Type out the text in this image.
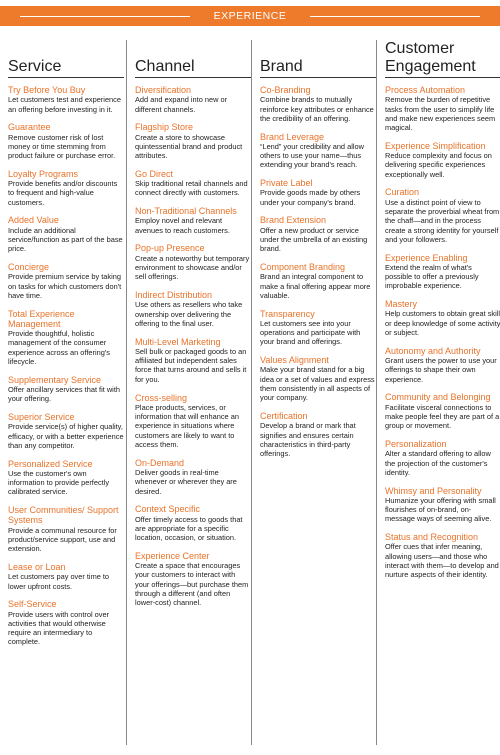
EXPERIENCE
Service
Try Before You Buy
Let customers test and experience an offering before investing in it.
Guarantee
Remove customer risk of lost money or time stemming from product failure or purchase error.
Loyalty Programs
Provide benefits and/or discounts to frequent and high-value customers.
Added Value
Include an additional service/function as part of the base price.
Concierge
Provide premium service by taking on tasks for which customers don't have time.
Total Experience Management
Provide thoughtful, holistic management of the consumer experience across an offering's lifecycle.
Supplementary Service
Offer ancillary services that fit with your offering.
Superior Service
Provide service(s) of higher quality, efficacy, or with a better experience than any competitor.
Personalized Service
Use the customer's own information to provide perfectly calibrated service.
User Communities/ Support Systems
Provide a communal resource for product/service support, use and extension.
Lease or Loan
Let customers pay over time to lower upfront costs.
Self-Service
Provide users with control over activities that would otherwise require an intermediary to complete.
Channel
Diversification
Add and expand into new or different channels.
Flagship Store
Create a store to showcase quintessential brand and product attributes.
Go Direct
Skip traditional retail channels and connect directly with customers.
Non-Traditional Channels
Employ novel and relevant avenues to reach customers.
Pop-up Presence
Create a noteworthy but temporary environment to showcase and/or sell offerings.
Indirect Distribution
Use others as resellers who take ownership over delivering the offering to the final user.
Multi-Level Marketing
Sell bulk or packaged goods to an affiliated but independent sales force that turns around and sells it for you.
Cross-selling
Place products, services, or information that will enhance an experience in situations where customers are likely to want to access them.
On-Demand
Deliver goods in real-time whenever or wherever they are desired.
Context Specific
Offer timely access to goods that are appropriate for a specific location, occasion, or situation.
Experience Center
Create a space that encourages your customers to interact with your offerings—but purchase them through a different (and often lower-cost) channel.
Brand
Co-Branding
Combine brands to mutually reinforce key attributes or enhance the credibility of an offering.
Brand Leverage
“Lend” your credibility and allow others to use your name—thus extending your brand's reach.
Private Label
Provide goods made by others under your company's brand.
Brand Extension
Offer a new product or service under the umbrella of an existing brand.
Component Branding
Brand an integral component to make a final offering appear more valuable.
Transparency
Let customers see into your operations and participate with your brand and offerings.
Values Alignment
Make your brand stand for a big idea or a set of values and express them consistently in all aspects of your company.
Certification
Develop a brand or mark that signifies and ensures certain characteristics in third-party offerings.
Customer Engagement
Process Automation
Remove the burden of repetitive tasks from the user to simplify life and make new experiences seem magical.
Experience Simplification
Reduce complexity and focus on delivering specific experiences exceptionally well.
Curation
Use a distinct point of view to separate the proverbial wheat from the chaff—and in the process create a strong identity for yourself and your followers.
Experience Enabling
Extend the realm of what's possible to offer a previously improbable experience.
Mastery
Help customers to obtain great skill or deep knowledge of some activity or subject.
Autonomy and Authority
Grant users the power to use your offerings to shape their own experience.
Community and Belonging
Facilitate visceral connections to make people feel they are part of a group or movement.
Personalization
Alter a standard offering to allow the projection of the customer's identity.
Whimsy and Personality
Humanize your offering with small flourishes of on-brand, on-message ways of seeming alive.
Status and Recognition
Offer cues that infer meaning, allowing users—and those who interact with them—to develop and nurture aspects of their identity.
